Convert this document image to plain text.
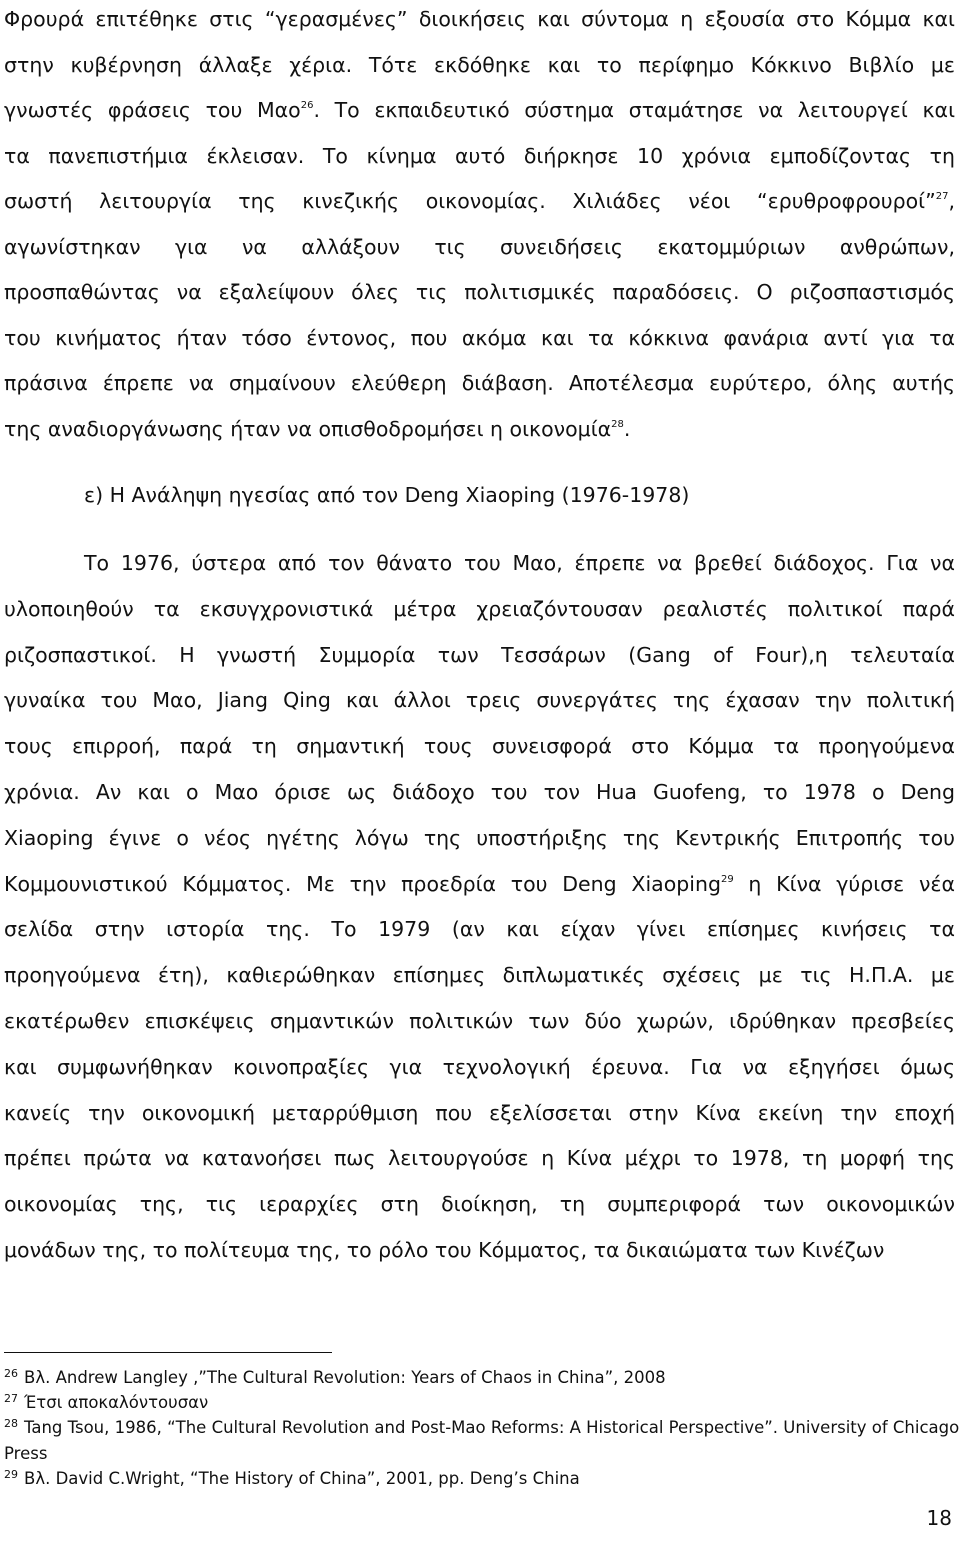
Φρουρά επιτέθηκε στις “γερασμένες” διοικήσεις και σύντομα η εξουσία στο Κόμμα και
στην κυβέρνηση άλλαξε χέρια. Τότε εκδόθηκε και το περίφημο Κόκκινο Βιβλίο με
γνωστές φράσεις του Μαο$^{26}$. Το εκπαιδευτικό σύστημα σταμάτησε να λειτουργεί και
τα πανεπιστήμια έκλεισαν. Το κίνημα αυτό διήρκησε 10 χρόνια εμποδίζοντας τη
σωστή λειτουργία της κινεζικής οικονομίας. Χιλιάδες νέοι “ερυθροφρουροί”$^{27}$,
αγωνίστηκαν για να αλλάξουν τις συνειδήσεις εκατομμύριων ανθρώπων,
προσπαθώντας να εξαλείψουν όλες τις πολιτισμικές παραδόσεις. Ο ριζοσπαστισμός
του κινήματος ήταν τόσο έντονος, που ακόμα και τα κόκκινα φανάρια αντί για τα
πράσινα έπρεπε να σημαίνουν ελεύθερη διάβαση. Αποτέλεσμα ευρύτερο, όλης αυτής
της αναδιοργάνωσης ήταν να οπισθοδρομήσει η οικονομία$^{28}$.
ε) Η Ανάληψη ηγεσίας από τον Deng Xiaoping (1976-1978)
Το 1976, ύστερα από τον θάνατο του Μαο, έπρεπε να βρεθεί διάδοχος. Για να
υλοποιηθούν τα εκσυγχρονιστικά μέτρα χρειαζόντουσαν ρεαλιστές πολιτικοί παρά
ριζοσπαστικοί. Η γνωστή Συμμορία των Τεσσάρων (Gang of Four),η τελευταία
γυναίκα του Μαο, Jiang Qing και άλλοι τρεις συνεργάτες της έχασαν την πολιτική
τους επιρροή, παρά τη σημαντική τους συνεισφορά στο Κόμμα τα προηγούμενα
χρόνια. Αν και ο Μαο όρισε ως διάδοχο του τον Hua Guofeng, το 1978 ο Deng
Xiaoping έγινε ο νέος ηγέτης λόγω της υποστήριξης της Κεντρικής Επιτροπής του
Κομμουνιστικού Κόμματος. Με την προεδρία του Deng Xiaoping$^{29}$ η Κίνα γύρισε νέα
σελίδα στην ιστορία της. Το 1979 (αν και είχαν γίνει επίσημες κινήσεις τα
προηγούμενα έτη), καθιερώθηκαν επίσημες διπλωματικές σχέσεις με τις Η.Π.Α. με
εκατέρωθεν επισκέψεις σημαντικών πολιτικών των δύο χωρών, ιδρύθηκαν πρεσβείες
και συμφωνήθηκαν κοινοπραξίες για τεχνολογική έρευνα. Για να εξηγήσει όμως
κανείς την οικονομική μεταρρύθμιση που εξελίσσεται στην Κίνα εκείνη την εποχή
πρέπει πρώτα να κατανοήσει πως λειτουργούσε η Κίνα μέχρι το 1978, τη μορφή της
οικονομίας της, τις ιεραρχίες στη διοίκηση, τη συμπεριφορά των οικονομικών
μονάδων της, το πολίτευμα της, το ρόλο του Κόμματος, τα δικαιώματα των Κινέζων
$^{26}$ Βλ. Andrew Langley ,”The Cultural Revolution: Years of Chaos in China”, 2008
$^{27}$ Έτσι αποκαλόντουσαν
$^{28}$ Tang Tsou, 1986, “The Cultural Revolution and Post-Mao Reforms: A Historical Perspective”. University of Chicago
Press
$^{29}$ Βλ. David C.Wright, “The History of China”, 2001, pp. Deng’s China
18
